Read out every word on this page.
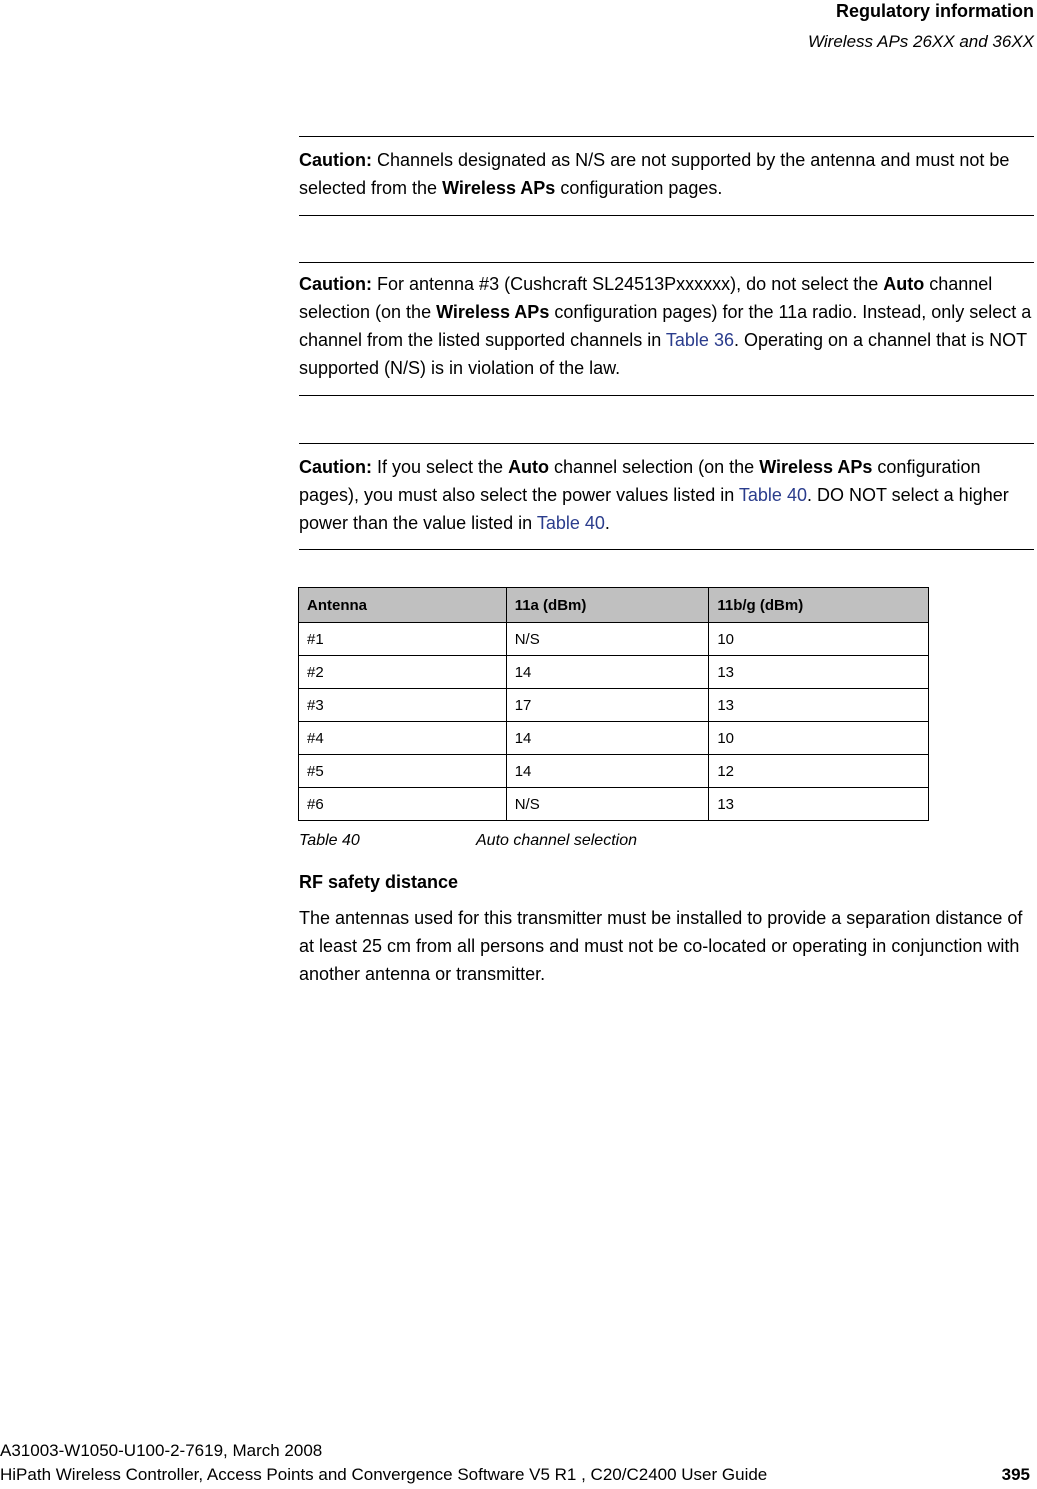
Regulatory information
Wireless APs 26XX and 36XX

Caution: Channels designated as N/S are not supported by the antenna and must not be selected from the Wireless APs configuration pages.

Caution: For antenna #3 (Cushcraft SL24513Pxxxxxx), do not select the Auto channel selection (on the Wireless APs configuration pages) for the 11a radio. Instead, only select a channel from the listed supported channels in Table 36. Operating on a channel that is NOT supported (N/S) is in violation of the law.

Caution: If you select the Auto channel selection (on the Wireless APs configuration pages), you must also select the power values listed in Table 40. DO NOT select a higher power than the value listed in Table 40.

Antenna	11a (dBm)	11b/g (dBm)
#1	N/S	10
#2	14	13
#3	17	13
#4	14	10
#5	14	12
#6	N/S	13
Table 40	Auto channel selection
RF safety distance

The antennas used for this transmitter must be installed to provide a separation distance of at least 25 cm from all persons and must not be co-located or operating in conjunction with another antenna or transmitter.

A31003-W1050-U100-2-7619, March 2008
HiPath Wireless Controller, Access Points and Convergence Software V5 R1 , C20/C2400 User Guide	395
